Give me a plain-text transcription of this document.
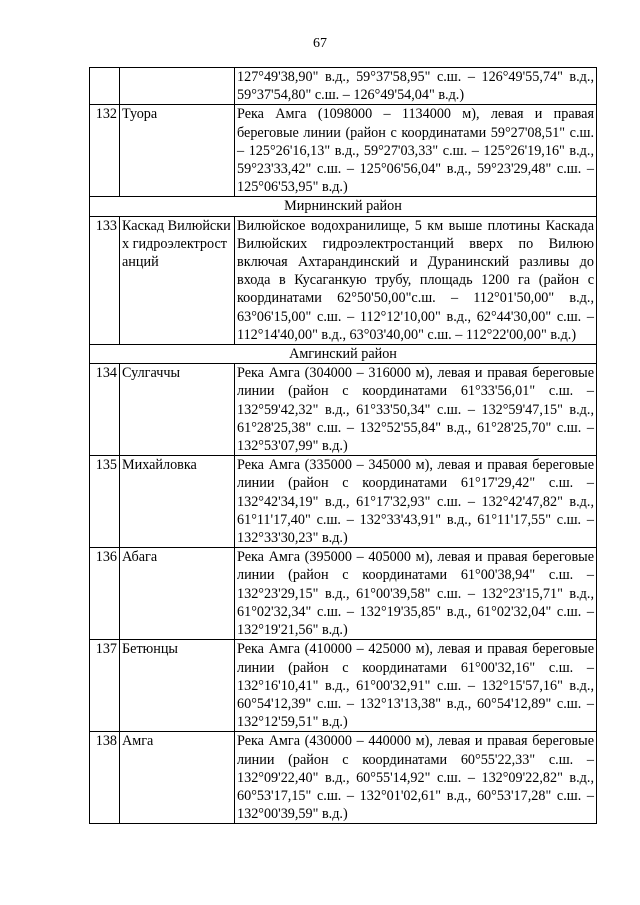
67
		127°49'38,90" в.д., 59°37'58,95" с.ш. – 126°49'55,74" в.д., 59°37'54,80" с.ш. – 126°49'54,04" в.д.)
132	Туора	Река Амга (1098000 – 1134000 м), левая и правая береговые линии (район с координатами 59°27'08,51" с.ш. – 125°26'16,13" в.д., 59°27'03,33" с.ш. – 125°26'19,16" в.д., 59°23'33,42" с.ш. – 125°06'56,04" в.д., 59°23'29,48" с.ш. – 125°06'53,95" в.д.)
Мирнинский район		
133	Каскад Вилюйских гидроэлектростанций	Вилюйское водохранилище, 5 км выше плотины Каскада Вилюйских гидроэлектростанций вверх по Вилюю включая Ахтарандинский и Дуранинский разливы до входа в Кусаганкую трубу, площадь 1200 га (район с координатами 62°50'50,00"с.ш. – 112°01'50,00" в.д., 63°06'15,00" с.ш. – 112°12'10,00" в.д., 62°44'30,00" с.ш. – 112°14'40,00" в.д., 63°03'40,00" с.ш. – 112°22'00,00" в.д.)
Амгинский район		
134	Сулгаччы	Река Амга (304000 – 316000 м), левая и правая береговые линии (район с координатами 61°33'56,01" с.ш. – 132°59'42,32" в.д., 61°33'50,34" с.ш. – 132°59'47,15" в.д., 61°28'25,38" с.ш. – 132°52'55,84" в.д., 61°28'25,70" с.ш. – 132°53'07,99" в.д.)
135	Михайловка	Река Амга (335000 – 345000 м), левая и правая береговые линии (район с координатами 61°17'29,42" с.ш. – 132°42'34,19" в.д., 61°17'32,93" с.ш. – 132°42'47,82" в.д., 61°11'17,40" с.ш. – 132°33'43,91" в.д., 61°11'17,55" с.ш. – 132°33'30,23" в.д.)
136	Абага	Река Амга (395000 – 405000 м), левая и правая береговые линии (район с координатами 61°00'38,94" с.ш. – 132°23'29,15" в.д., 61°00'39,58" с.ш. – 132°23'15,71" в.д., 61°02'32,34" с.ш. – 132°19'35,85" в.д., 61°02'32,04" с.ш. – 132°19'21,56" в.д.)
137	Бетюнцы	Река Амга (410000 – 425000 м), левая и правая береговые линии (район с координатами 61°00'32,16" с.ш. – 132°16'10,41" в.д., 61°00'32,91" с.ш. – 132°15'57,16" в.д., 60°54'12,39" с.ш. – 132°13'13,38" в.д., 60°54'12,89" с.ш. – 132°12'59,51" в.д.)
138	Амга	Река Амга (430000 – 440000 м), левая и правая береговые линии (район с координатами 60°55'22,33" с.ш. – 132°09'22,40" в.д., 60°55'14,92" с.ш. – 132°09'22,82" в.д., 60°53'17,15" с.ш. – 132°01'02,61" в.д., 60°53'17,28" с.ш. – 132°00'39,59" в.д.)
